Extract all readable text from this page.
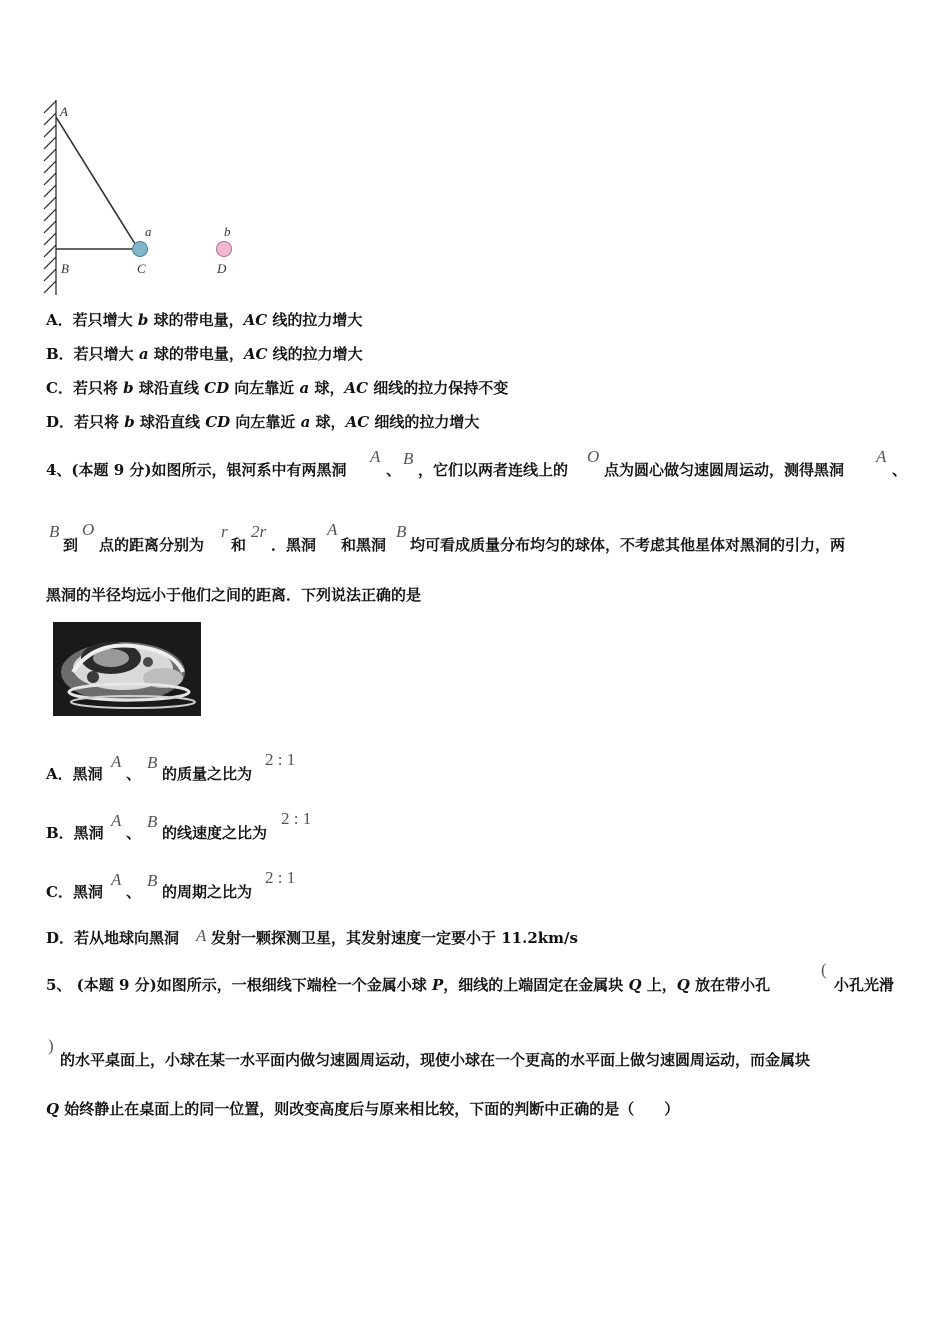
A
B	C	D
a	b
A．若只增大 b 球的带电量，AC 线的拉力增大
B．若只增大 a 球的带电量，AC 线的拉力增大
C．若只将 b 球沿直线 CD 向左靠近 a 球，AC 细线的拉力保持不变
D．若只将 b 球沿直线 CD 向左靠近 a 球，AC 细线的拉力增大
4、(本题 9 分)如图所示，银河系中有两黑洞
A
、
B
，它们以两者连线上的
O
点为圆心做匀速圆周运动，测得黑洞
A
、
B
到
O
点的距离分别为
r
和
2r
．黑洞
A
和黑洞
B
均可看成质量分布均匀的球体，不考虑其他星体对黑洞的引力，两
黑洞的半径均远小于他们之间的距离．下列说法正确的是
A．黑洞
A
、
B
的质量之比为
2 : 1
B．黑洞
A
、
B
的线速度之比为
2 : 1
C．黑洞
A
、
B
的周期之比为
2 : 1
D．若从地球向黑洞 A 发射一颗探测卫星，其发射速度一定要小于 11.2km/s
5、 (本题 9 分)如图所示，一根细线下端栓一个金属小球 P，细线的上端固定在金属块 Q 上，Q 放在带小孔
(
小孔光滑
)
的水平桌面上，小球在某一水平面内做匀速圆周运动，现使小球在一个更高的水平面上做匀速圆周运动，而金属块
Q 始终静止在桌面上的同一位置，则改变高度后与原来相比较，下面的判断中正确的是（　　）
